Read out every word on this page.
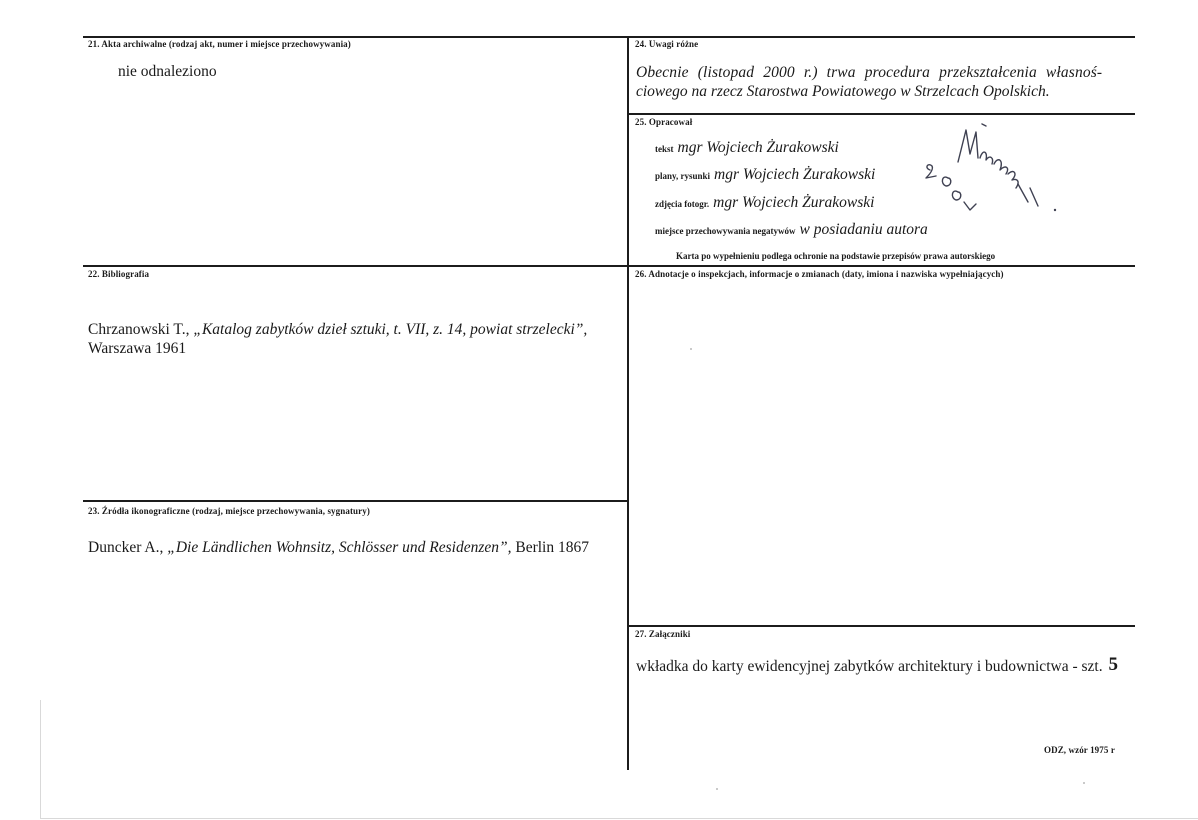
21. Akta archiwalne (rodzaj akt, numer i miejsce przechowywania)
nie odnaleziono
24. Uwagi różne
Obecnie (listopad 2000 r.) trwa procedura przekształcenia własnoś-
ciowego na rzecz Starostwa Powiatowego w Strzelcach Opolskich.
25. Opracował
tekst mgr Wojciech Żurakowski
plany, rysunki mgr Wojciech Żurakowski
zdjęcia fotogr. mgr Wojciech Żurakowski
miejsce przechowywania negatywów w posiadaniu autora
Karta po wypełnieniu podlega ochronie na podstawie przepisów prawa autorskiego
22. Bibliografia
Chrzanowski T., „Katalog zabytków dzieł sztuki, t. VII, z. 14, powiat strzelecki”,
Warszawa 1961
26. Adnotacje o inspekcjach, informacje o zmianach (daty, imiona i nazwiska wypełniających)
23. Źródła ikonograficzne (rodzaj, miejsce przechowywania, sygnatury)
Duncker A., „Die Ländlichen Wohnsitz, Schlösser und Residenzen”, Berlin 1867
27. Załączniki
wkładka do karty ewidencyjnej zabytków architektury i budownictwa - szt. 5
ODZ, wzór 1975 r
